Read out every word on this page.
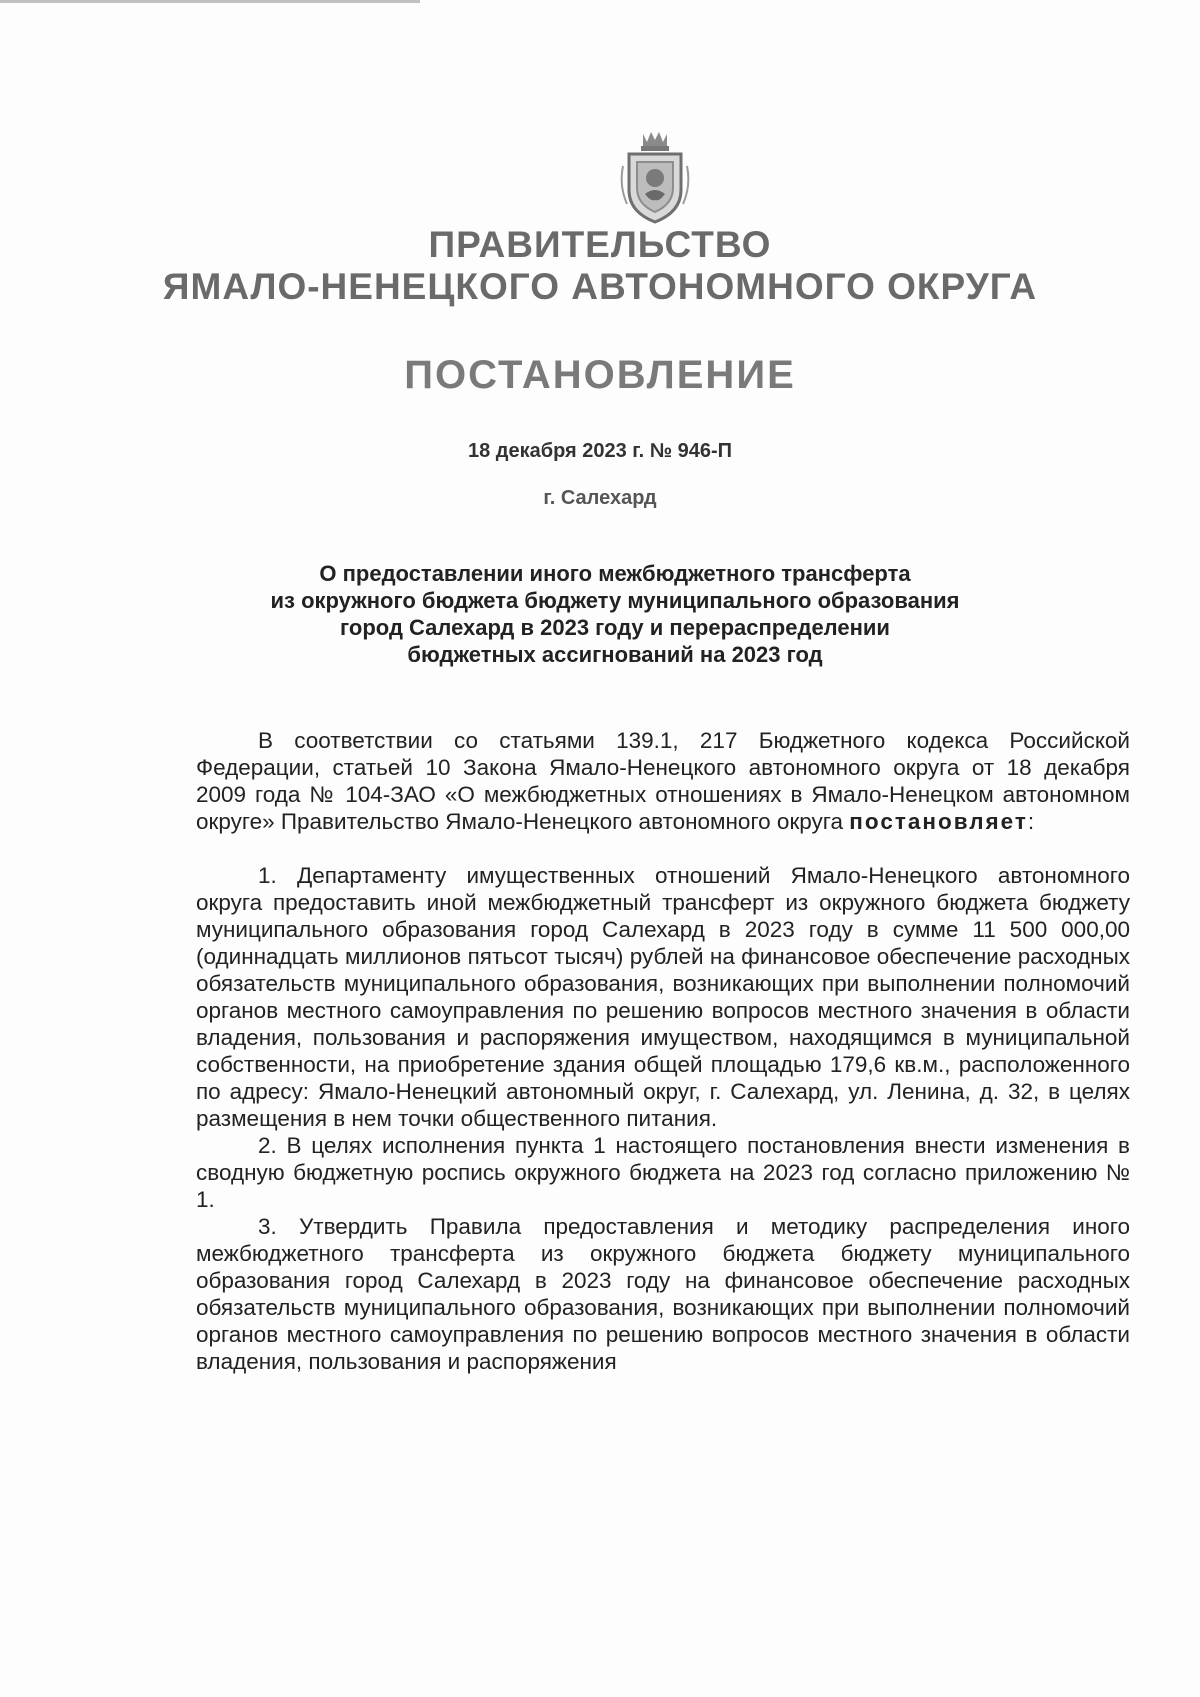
ПРАВИТЕЛЬСТВО
ЯМАЛО-НЕНЕЦКОГО АВТОНОМНОГО ОКРУГА
ПОСТАНОВЛЕНИЕ
18 декабря 2023 г. № 946-П
г. Салехард
О предоставлении иного межбюджетного трансферта
из окружного бюджета бюджету муниципального образования
город Салехард в 2023 году и перераспределении
бюджетных ассигнований на 2023 год

В соответствии со статьями 139.1, 217 Бюджетного кодекса Российской Федерации, статьей 10 Закона Ямало-Ненецкого автономного округа от 18 декабря 2009 года № 104-ЗАО «О межбюджетных отношениях в Ямало-Ненецком автономном округе» Правительство Ямало-Ненецкого автономного округа постановляет:

1. Департаменту имущественных отношений Ямало-Ненецкого автономного округа предоставить иной межбюджетный трансферт из окружного бюджета бюджету муниципального образования город Салехард в 2023 году в сумме 11 500 000,00 (одиннадцать миллионов пятьсот тысяч) рублей на финансовое обеспечение расходных обязательств муниципального образования, возникающих при выполнении полномочий органов местного самоуправления по решению вопросов местного значения в области владения, пользования и распоряжения имуществом, находящимся в муниципальной собственности, на приобретение здания общей площадью 179,6 кв.м., расположенного по адресу: Ямало-Ненецкий автономный округ, г. Салехард, ул. Ленина, д. 32, в целях размещения в нем точки общественного питания.

2. В целях исполнения пункта 1 настоящего постановления внести изменения в сводную бюджетную роспись окружного бюджета на 2023 год согласно приложению № 1.

3. Утвердить Правила предоставления и методику распределения иного межбюджетного трансферта из окружного бюджета бюджету муниципального образования город Салехард в 2023 году на финансовое обеспечение расходных обязательств муниципального образования, возникающих при выполнении полномочий органов местного самоуправления по решению вопросов местного значения в области владения, пользования и распоряжения
